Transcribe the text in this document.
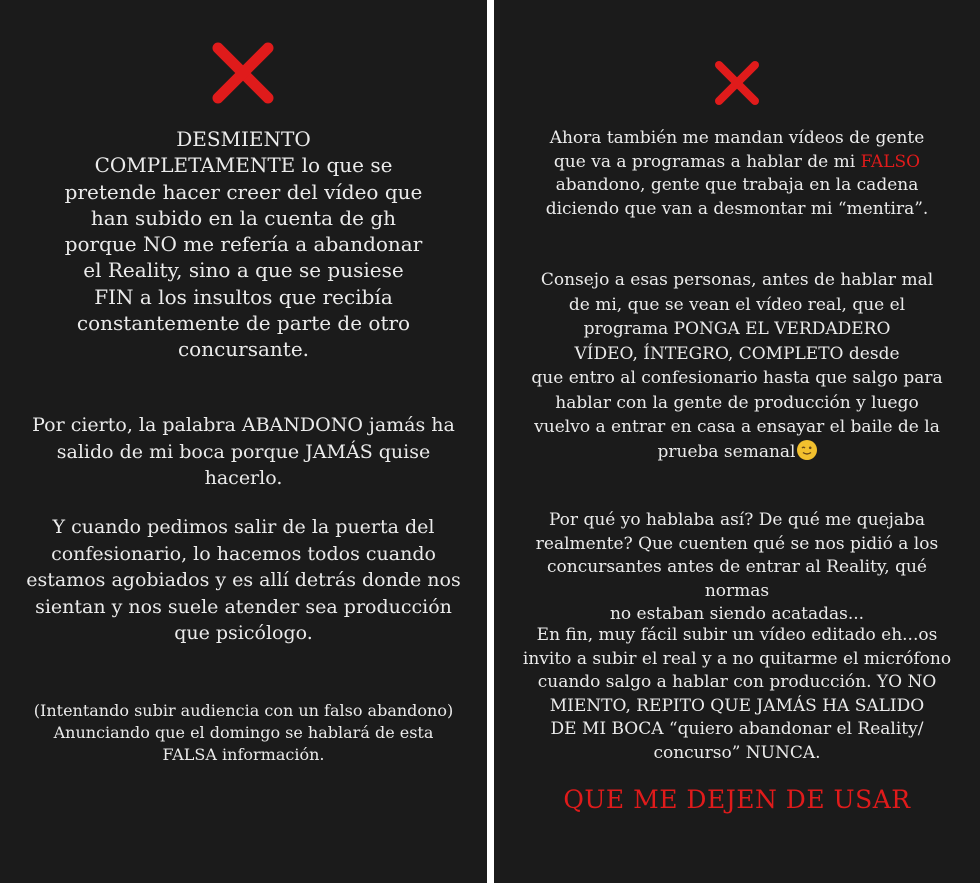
DESMIENTO
COMPLETAMENTE lo que se
pretende hacer creer del vídeo que
han subido en la cuenta de gh
porque NO me refería a abandonar
el Reality, sino a que se pusiese
FIN a los insultos que recibía
constantemente de parte de otro
concursante.

Por cierto, la palabra ABANDONO jamás ha
salido de mi boca porque JAMÁS quise
hacerlo.

Y cuando pedimos salir de la puerta del
confesionario, lo hacemos todos cuando
estamos agobiados y es allí detrás donde nos
sientan y nos suele atender sea producción
que psicólogo.

(Intentando subir audiencia con un falso abandono)
Anunciando que el domingo se hablará de esta
FALSA información.

Ahora también me mandan vídeos de gente
que va a programas a hablar de mi FALSO
abandono, gente que trabaja en la cadena
diciendo que van a desmontar mi “mentira”.

Consejo a esas personas, antes de hablar mal
de mi, que se vean el vídeo real, que el
programa PONGA EL VERDADERO
VÍDEO, ÍNTEGRO, COMPLETO desde
que entro al confesionario hasta que salgo para
hablar con la gente de producción y luego
vuelvo a entrar en casa a ensayar el baile de la
prueba semanal

Por qué yo hablaba así? De qué me quejaba
realmente? Que cuenten qué se nos pidió a los
concursantes antes de entrar al Reality, qué normas
no estaban siendo acatadas...

En fin, muy fácil subir un vídeo editado eh...os
invito a subir el real y a no quitarme el micrófono
cuando salgo a hablar con producción. YO NO
MIENTO, REPITO QUE JAMÁS HA SALIDO
DE MI BOCA “quiero abandonar el Reality/
concurso” NUNCA.

QUE ME DEJEN DE USAR
